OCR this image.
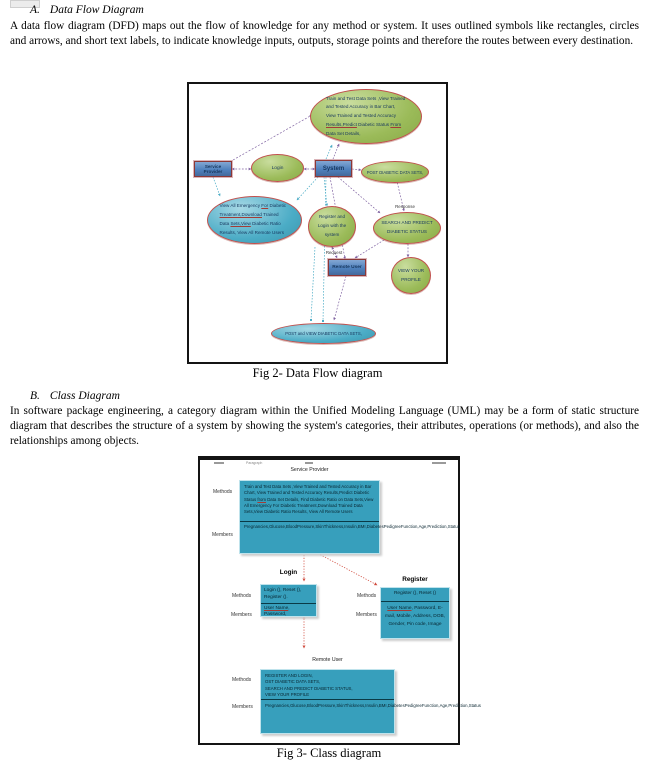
A. Data Flow Diagram
A data flow diagram (DFD) maps out the flow of knowledge for any method or system. It uses outlined symbols like rectangles, circles and arrows, and short text labels, to indicate knowledge inputs, outputs, storage points and therefore the routes between every destination.
Train and Test Data Sets ,View Trained and Tested Accuracy in Bar Chart, View Trained and Tested Accuracy Results,Predict Diabetic Status From Data Set Details,
Service Provider
Login	System
POST DIABETIC DATA SETS,
View All Emergency For Diabetic Treatment,Download Trained Data Sets,View Diabetic Ratio Results, View All Remote Users
Register and Login with the system
Response
SEARCH AND PREDICT DIABETIC STATUS
Request
Remote User
VIEW YOUR PROFILE
POST and VIEW DIABETIC DATA SETS,
Fig 2- Data Flow diagram
B. Class Diagram
In software package engineering, a category diagram within the Unified Modeling Language (UML) may be a form of static structure diagram that describes the structure of a system by showing the system's categories, their attributes, operations (or methods), and also the relationships among objects.
Paragraph
Service Provider
Methods
Members
Train and Test Data Sets ,View Trained and Tested Accuracy in Bar Chart, View Trained and Tested Accuracy Results,Predict Diabetic Status from Data Set Details, Find Diabetic Ratio on Data Sets,View All Emergency For Diabetic Treatment,Download Trained Data Sets,View Diabetic Ratio Results, View All Remote Users
Pregnancies,Glucose,BloodPressure,SkinThickness,Insulin,BMI,DiabetesPedigreeFunction,Age,Prediction,Status
Login
Methods
Members
Login (), Reset (), Register ().
User Name, Password,
Register
Methods
Members
Register (), Reset ()
User Name, Password, E-mail, Mobile, Address, DOB, Gender, Pin code, Image
Remote User
Methods
Members
REGISTER AND LOGIN,
OST DIABETIC DATA SETS,
SEARCH AND PREDICT DIABETIC STATUS,
VIEW YOUR PROFILE
Pregnancies,Glucose,BloodPressure,SkinThickness,Insulin,BMI,DiabetesPedigreeFunction,Age,Prediction,Status
Fig 3- Class diagram
